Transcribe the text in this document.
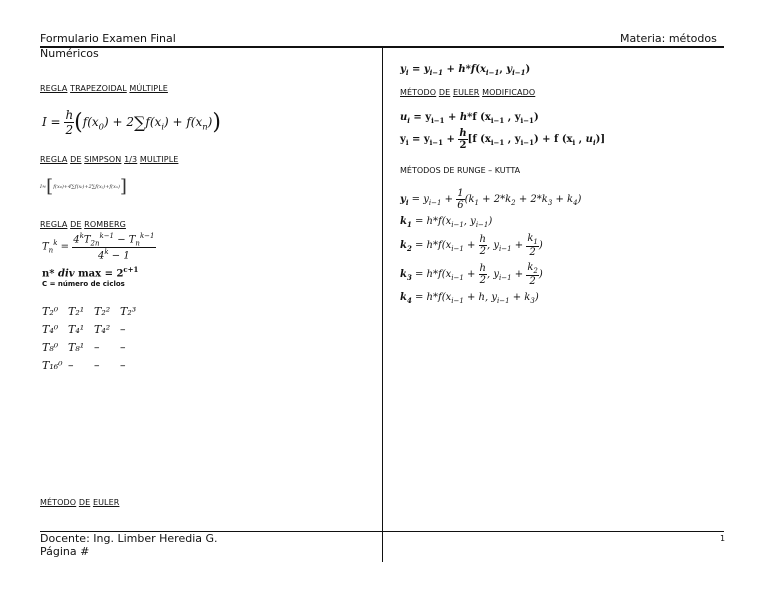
Formulario Examen Final	Materia: métodos
Numéricos
REGLA TRAPEZOIDAL MÚLTIPLE
$I = \frac{h}{2} (f(x_0) + 2\sum f(x_i) + f(x_n))$
REGLA DE SIMPSON 1/3 MULTIPLE
I≈[f(x₀)+4∑f(xᵢ)+2∑f(xⱼ)+f(xₙ)]
REGLA DE ROMBERG
$T_n^k = \frac{4^kT_{2n}^{k-1} - T_n^{k-1}}{4^k - 1}$
n* div $\max = 2^{c+1}$
C = número de ciclos
T₂⁰ T₂¹ T₂² T₂³
T₄⁰ T₄¹ T₄² –
T₈⁰ T₈¹ – –
T₁₆⁰ – – –
MÉTODO DE EULER
$y_i = y_{i-1} + h*f(x_{i-1}$, $y_{i-1}$)
MÉTODO DE EULER MODIFICADO
$u_i = y_{i-1} + h*f$ ($x_{i-1}$ , $y_{i-1}$)
$y_i = y_{i-1} + \frac{h}{2} [f$ ($x_{i-1}$ , $y_{i-1}) + f$ ($x_i$ , $u_i$)]
MÉTODOS DE RUNGE – KUTTA
$y_i = y_{i-1} + \frac{1}{6} (k_1 + 2*k_2 + 2*k_3 + k_4)$
$k_1 = h*f(x_{i-1}$, $y_{i-1}$)
$k_2 = h*f(x_{i-1} + \frac{h}{2}$ , $y_{i-1} + \frac{k_1}{2}$ )
$k_3 = h*f(x_{i-1} + \frac{h}{2}$ , $y_{i-1} + \frac{k_2}{2}$ )
$k_4 = h*f(x_{i-1} + h$, $y_{i-1} + k_3$)
Docente: Ing. Limber Heredia G.
Página #
1
